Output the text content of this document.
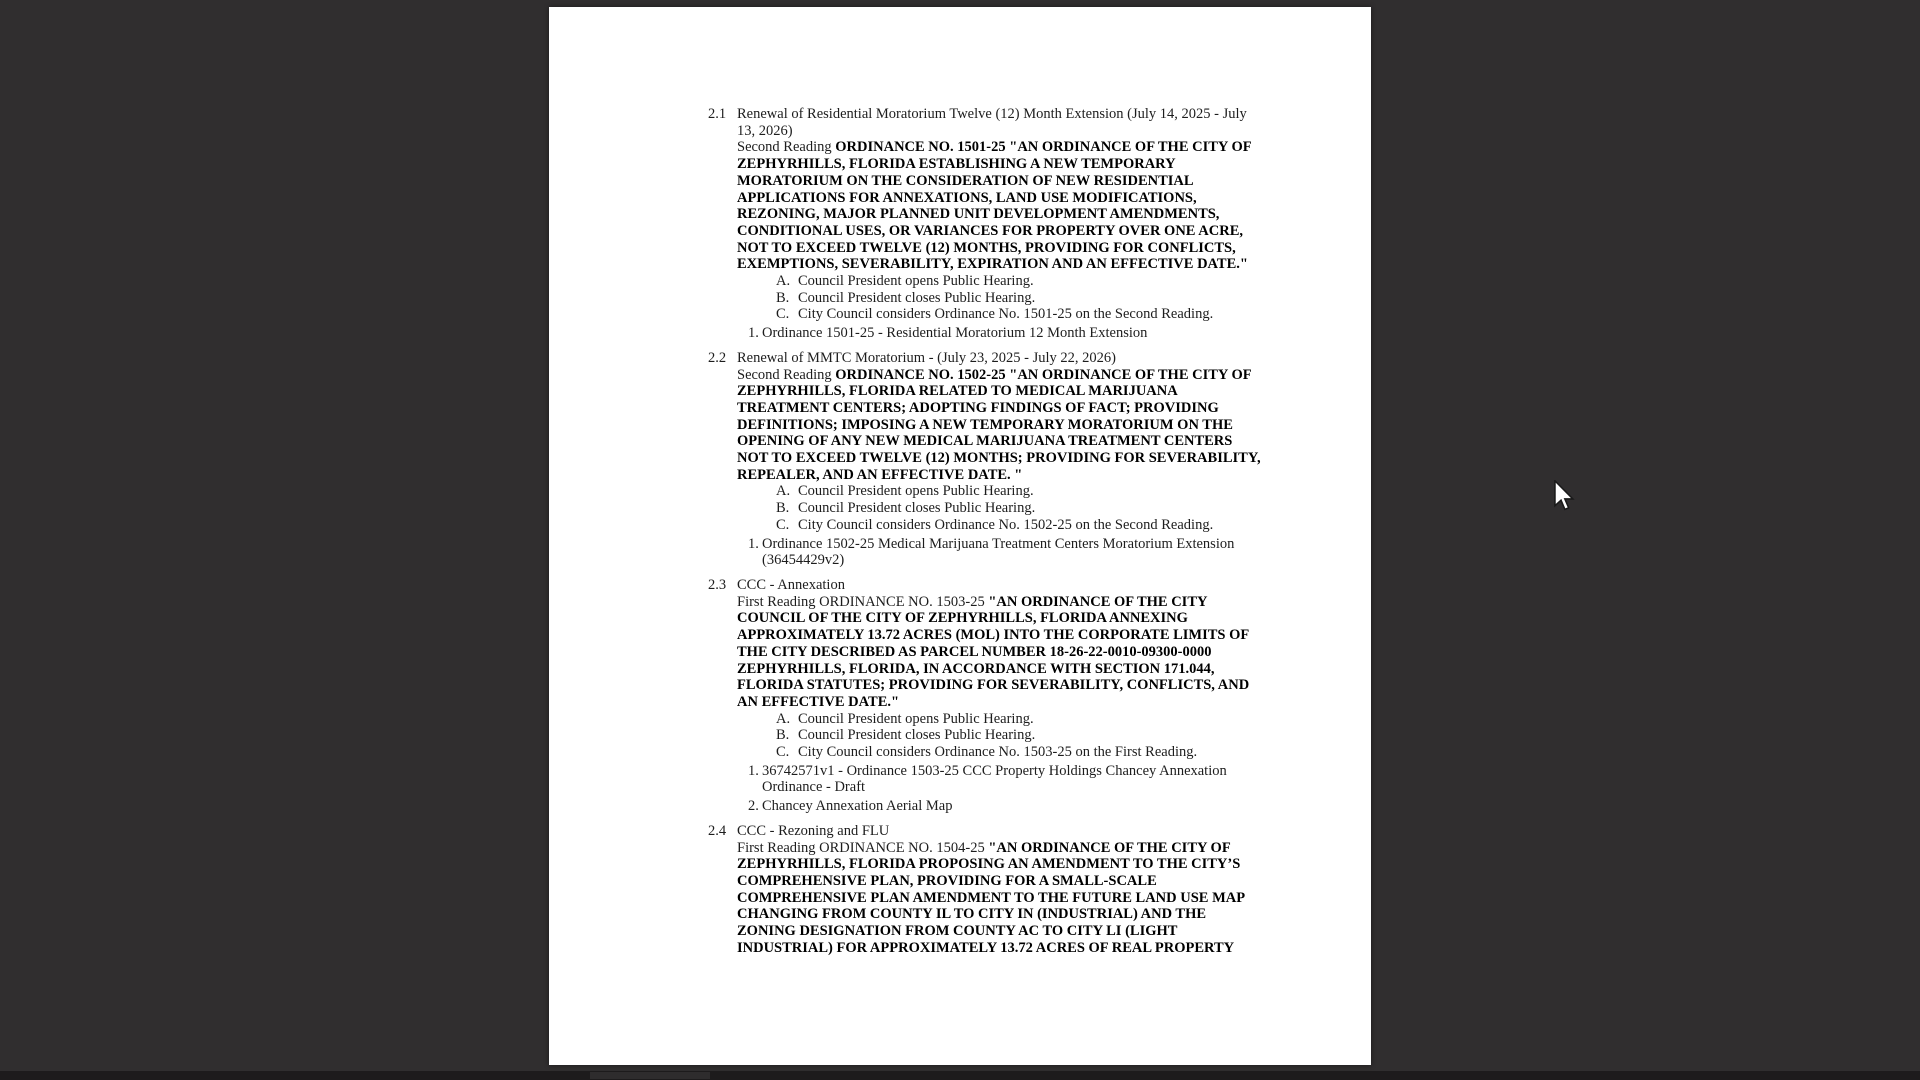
2.1 Renewal of Residential Moratorium Twelve (12) Month Extension (July 14, 2025 - July 13, 2026)
Second Reading ORDINANCE NO. 1501-25 "AN ORDINANCE OF THE CITY OF ZEPHYRHILLS, FLORIDA ESTABLISHING A NEW TEMPORARY MORATORIUM ON THE CONSIDERATION OF NEW RESIDENTIAL APPLICATIONS FOR ANNEXATIONS, LAND USE MODIFICATIONS, REZONING, MAJOR PLANNED UNIT DEVELOPMENT AMENDMENTS, CONDITIONAL USES, OR VARIANCES FOR PROPERTY OVER ONE ACRE, NOT TO EXCEED TWELVE (12) MONTHS, PROVIDING FOR CONFLICTS, EXEMPTIONS, SEVERABILITY, EXPIRATION AND AN EFFECTIVE DATE."
A. Council President opens Public Hearing.
B. Council President closes Public Hearing.
C. City Council considers Ordinance No. 1501-25 on the Second Reading.
1. Ordinance 1501-25 - Residential Moratorium 12 Month Extension
2.2 Renewal of MMTC Moratorium - (July 23, 2025 - July 22, 2026)
Second Reading ORDINANCE NO. 1502-25 "AN ORDINANCE OF THE CITY OF ZEPHYRHILLS, FLORIDA RELATED TO MEDICAL MARIJUANA TREATMENT CENTERS; ADOPTING FINDINGS OF FACT; PROVIDING DEFINITIONS; IMPOSING A NEW TEMPORARY MORATORIUM ON THE OPENING OF ANY NEW MEDICAL MARIJUANA TREATMENT CENTERS NOT TO EXCEED TWELVE (12) MONTHS; PROVIDING FOR SEVERABILITY, REPEALER, AND AN EFFECTIVE DATE. "
A. Council President opens Public Hearing.
B. Council President closes Public Hearing.
C. City Council considers Ordinance No. 1502-25 on the Second Reading.
1. Ordinance 1502-25 Medical Marijuana Treatment Centers Moratorium Extension (36454429v2)
2.3 CCC - Annexation
First Reading ORDINANCE NO. 1503-25 "AN ORDINANCE OF THE CITY COUNCIL OF THE CITY OF ZEPHYRHILLS, FLORIDA ANNEXING APPROXIMATELY 13.72 ACRES (MOL) INTO THE CORPORATE LIMITS OF THE CITY DESCRIBED AS PARCEL NUMBER 18-26-22-0010-09300-0000 ZEPHYRHILLS, FLORIDA, IN ACCORDANCE WITH SECTION 171.044, FLORIDA STATUTES; PROVIDING FOR SEVERABILITY, CONFLICTS, AND AN EFFECTIVE DATE."
A. Council President opens Public Hearing.
B. Council President closes Public Hearing.
C. City Council considers Ordinance No. 1503-25 on the First Reading.
1. 36742571v1 - Ordinance 1503-25 CCC Property Holdings Chancey Annexation Ordinance - Draft
2. Chancey Annexation Aerial Map
2.4 CCC - Rezoning and FLU
First Reading ORDINANCE NO. 1504-25 "AN ORDINANCE OF THE CITY OF ZEPHYRHILLS, FLORIDA PROPOSING AN AMENDMENT TO THE CITY’S COMPREHENSIVE PLAN, PROVIDING FOR A SMALL-SCALE COMPREHENSIVE PLAN AMENDMENT TO THE FUTURE LAND USE MAP CHANGING FROM COUNTY IL TO CITY IN (INDUSTRIAL) AND THE ZONING DESIGNATION FROM COUNTY AC TO CITY LI (LIGHT INDUSTRIAL) FOR APPROXIMATELY 13.72 ACRES OF REAL PROPERTY
